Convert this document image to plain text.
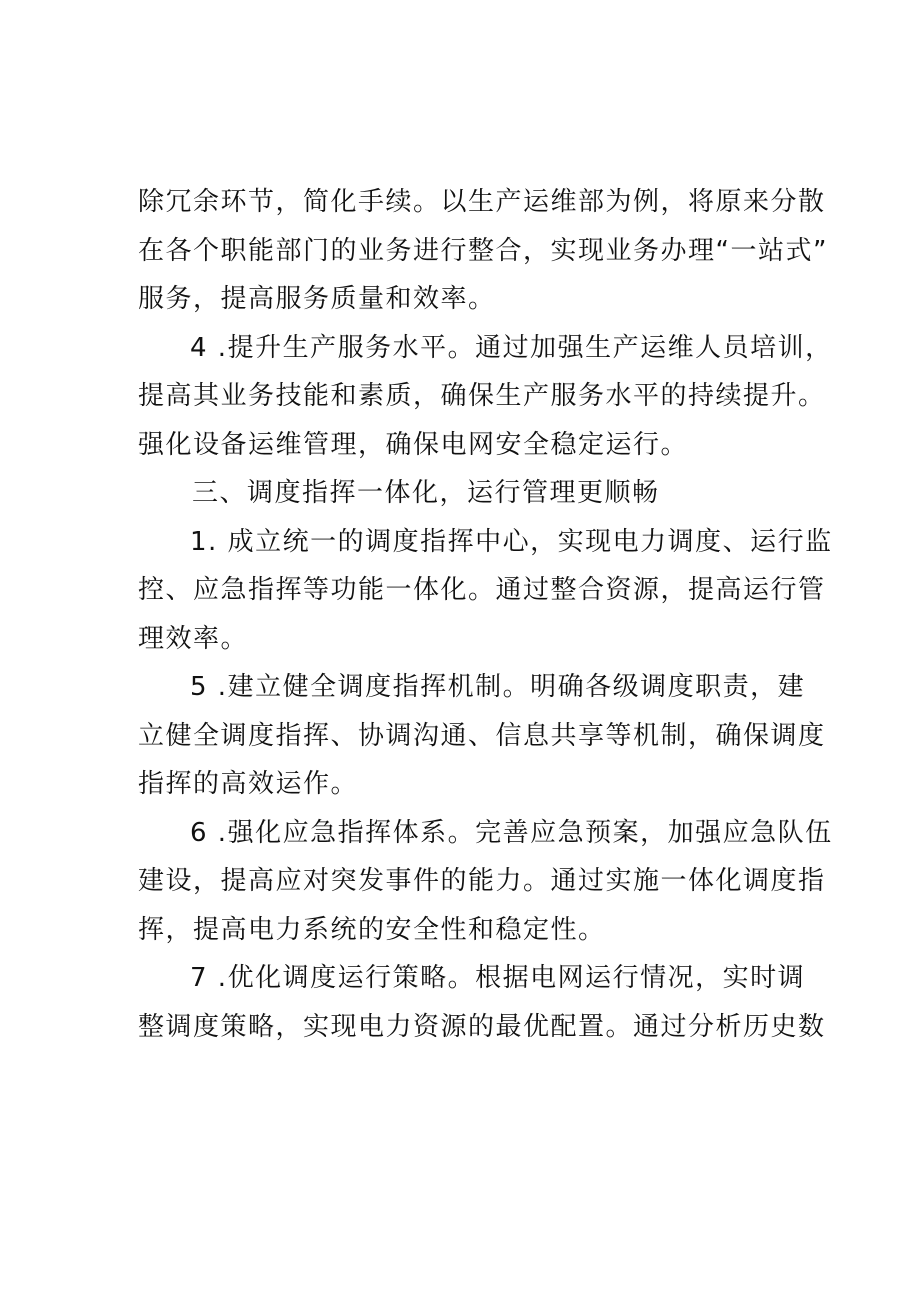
除冗余环节，简化手续。以生产运维部为例，将原来分散
在各个职能部门的业务进行整合，实现业务办理“一站式”
服务，提高服务质量和效率。
4 .提升生产服务水平。通过加强生产运维人员培训，
提高其业务技能和素质，确保生产服务水平的持续提升。
强化设备运维管理，确保电网安全稳定运行。
三、调度指挥一体化，运行管理更顺畅
1. 成立统一的调度指挥中心，实现电力调度、运行监
控、应急指挥等功能一体化。通过整合资源，提高运行管
理效率。
5 .建立健全调度指挥机制。明确各级调度职责，建
立健全调度指挥、协调沟通、信息共享等机制，确保调度
指挥的高效运作。
6 .强化应急指挥体系。完善应急预案，加强应急队伍
建设，提高应对突发事件的能力。通过实施一体化调度指
挥，提高电力系统的安全性和稳定性。
7 .优化调度运行策略。根据电网运行情况，实时调
整调度策略，实现电力资源的最优配置。通过分析历史数
